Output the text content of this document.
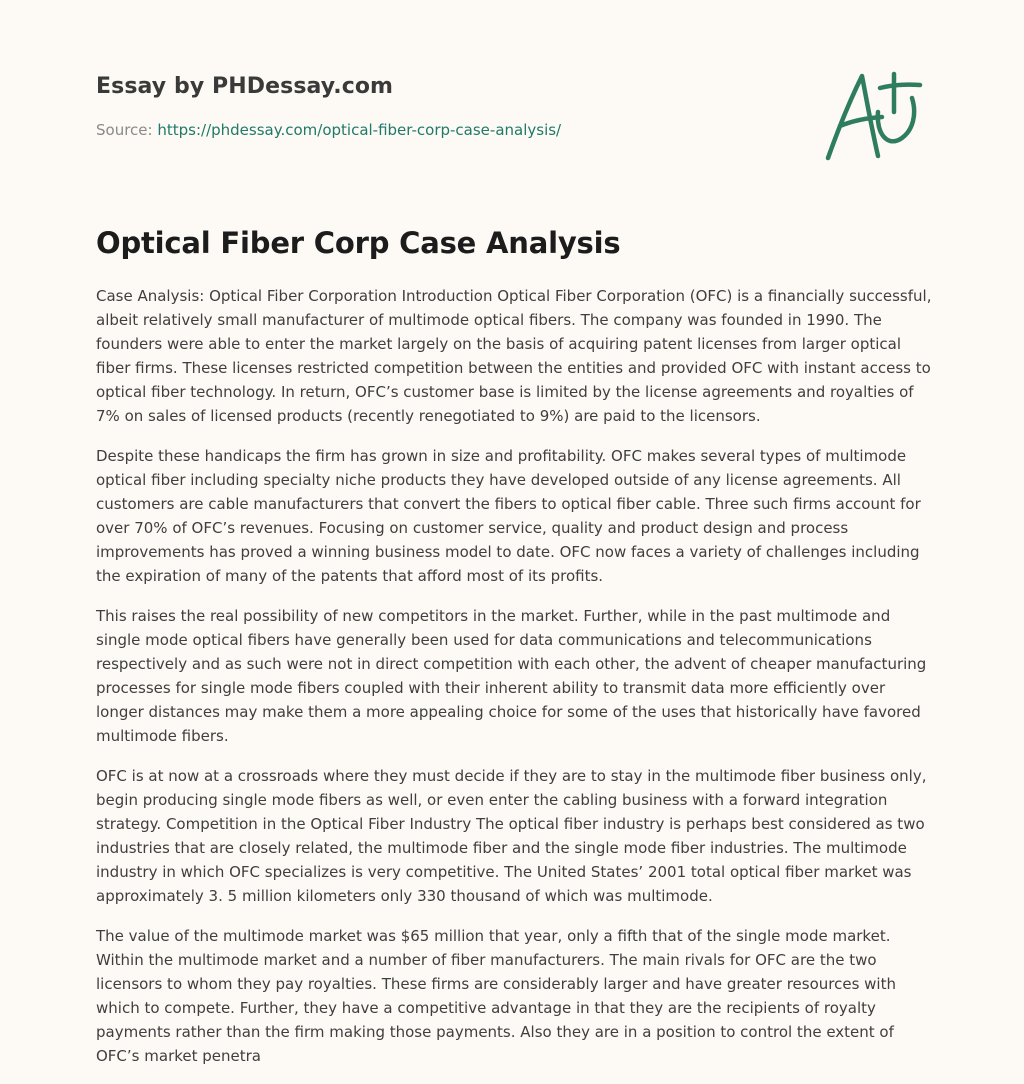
Essay by PHDessay.com
Source: https://phdessay.com/optical-fiber-corp-case-analysis/
Optical Fiber Corp Case Analysis

Case Analysis: Optical Fiber Corporation Introduction Optical Fiber Corporation (OFC) is a financially successful, albeit relatively small manufacturer of multimode optical fibers. The company was founded in 1990. The founders were able to enter the market largely on the basis of acquiring patent licenses from larger optical fiber firms. These licenses restricted competition between the entities and provided OFC with instant access to optical fiber technology. In return, OFC’s customer base is limited by the license agreements and royalties of 7% on sales of licensed products (recently renegotiated to 9%) are paid to the licensors.

Despite these handicaps the firm has grown in size and profitability. OFC makes several types of multimode optical fiber including specialty niche products they have developed outside of any license agreements. All customers are cable manufacturers that convert the fibers to optical fiber cable. Three such firms account for over 70% of OFC’s revenues. Focusing on customer service, quality and product design and process improvements has proved a winning business model to date. OFC now faces a variety of challenges including the expiration of many of the patents that afford most of its profits.

This raises the real possibility of new competitors in the market. Further, while in the past multimode and single mode optical fibers have generally been used for data communications and telecommunications respectively and as such were not in direct competition with each other, the advent of cheaper manufacturing processes for single mode fibers coupled with their inherent ability to transmit data more efficiently over longer distances may make them a more appealing choice for some of the uses that historically have favored multimode fibers.

OFC is at now at a crossroads where they must decide if they are to stay in the multimode fiber business only, begin producing single mode fibers as well, or even enter the cabling business with a forward integration strategy. Competition in the Optical Fiber Industry The optical fiber industry is perhaps best considered as two industries that are closely related, the multimode fiber and the single mode fiber industries. The multimode industry in which OFC specializes is very competitive. The United States’ 2001 total optical fiber market was approximately 3. 5 million kilometers only 330 thousand of which was multimode.

The value of the multimode market was $65 million that year, only a fifth that of the single mode market. Within the multimode market and a number of fiber manufacturers. The main rivals for OFC are the two licensors to whom they pay royalties. These firms are considerably larger and have greater resources with which to compete. Further, they have a competitive advantage in that they are the recipients of royalty payments rather than the firm making those payments. Also they are in a position to control the extent of OFC’s market penetra
